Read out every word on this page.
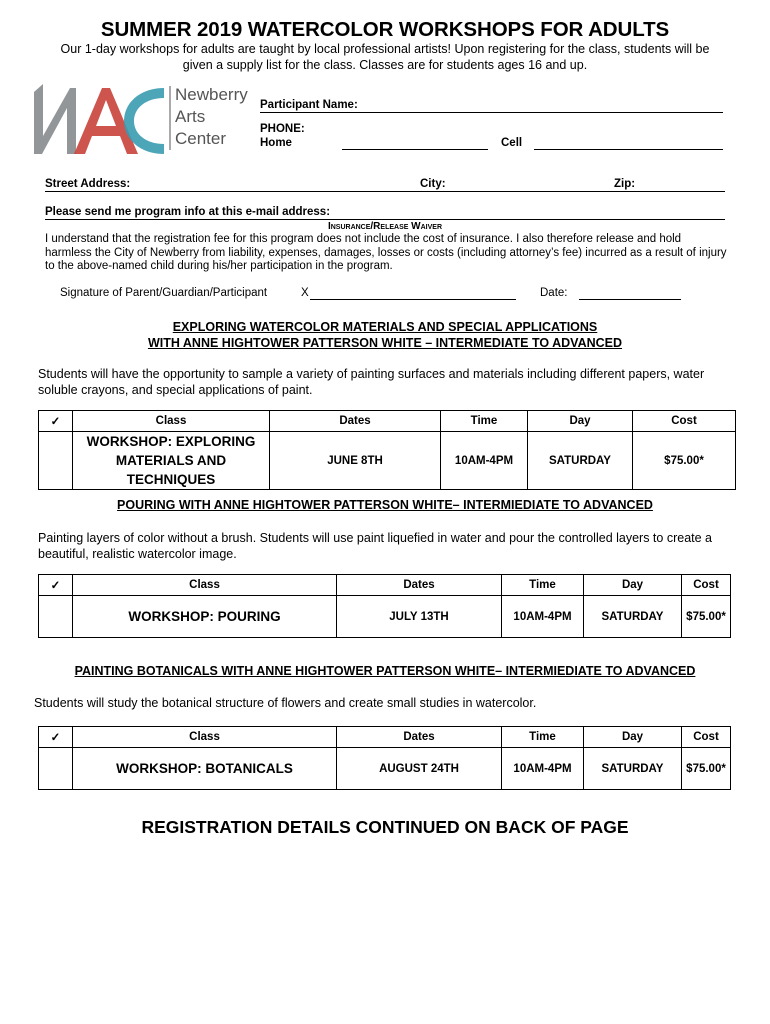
SUMMER 2019 WATERCOLOR WORKSHOPS FOR ADULTS
Our 1-day workshops for adults are taught by local professional artists! Upon registering for the class, students will be
given a supply list for the class. Classes are for students ages 16 and up.
Newberry
Arts
Center
Participant Name:
PHONE:
Home	Cell
Street Address:	City:	Zip:
Please send me program info at this e-mail address:
Insurance/Release Waiver
I understand that the registration fee for this program does not include the cost of insurance. I also therefore release and hold
harmless the City of Newberry from liability, expenses, damages, losses or costs (including attorney’s fee) incurred as a result of injury
to the above-named child during his/her participation in the program.
Signature of Parent/Guardian/Participant	X	Date:
EXPLORING WATERCOLOR MATERIALS AND SPECIAL APPLICATIONS
WITH ANNE HIGHTOWER PATTERSON WHITE – INTERMEDIATE TO ADVANCED
Students will have the opportunity to sample a variety of painting surfaces and materials including different papers, water
soluble crayons, and special applications of paint.
✓	Class	Dates	Time	Day	Cost

	WORKSHOP: EXPLORING
MATERIALS AND TECHNIQUES	JUNE 8TH	10AM-4PM	SATURDAY	$75.00*
POURING WITH ANNE HIGHTOWER PATTERSON WHITE– INTERMIEDIATE TO ADVANCED
Painting layers of color without a brush. Students will use paint liquefied in water and pour the controlled layers to create a
beautiful, realistic watercolor image.
✓	Class	Dates	Time	Day	Cost
	WORKSHOP: POURING	JULY 13TH	10AM-4PM	SATURDAY	$75.00*
PAINTING BOTANICALS WITH ANNE HIGHTOWER PATTERSON WHITE– INTERMIEDIATE TO ADVANCED
Students will study the botanical structure of flowers and create small studies in watercolor.
✓	Class	Dates	Time	Day	Cost
	WORKSHOP: BOTANICALS	AUGUST 24TH	10AM-4PM	SATURDAY	$75.00*
REGISTRATION DETAILS CONTINUED ON BACK OF PAGE
